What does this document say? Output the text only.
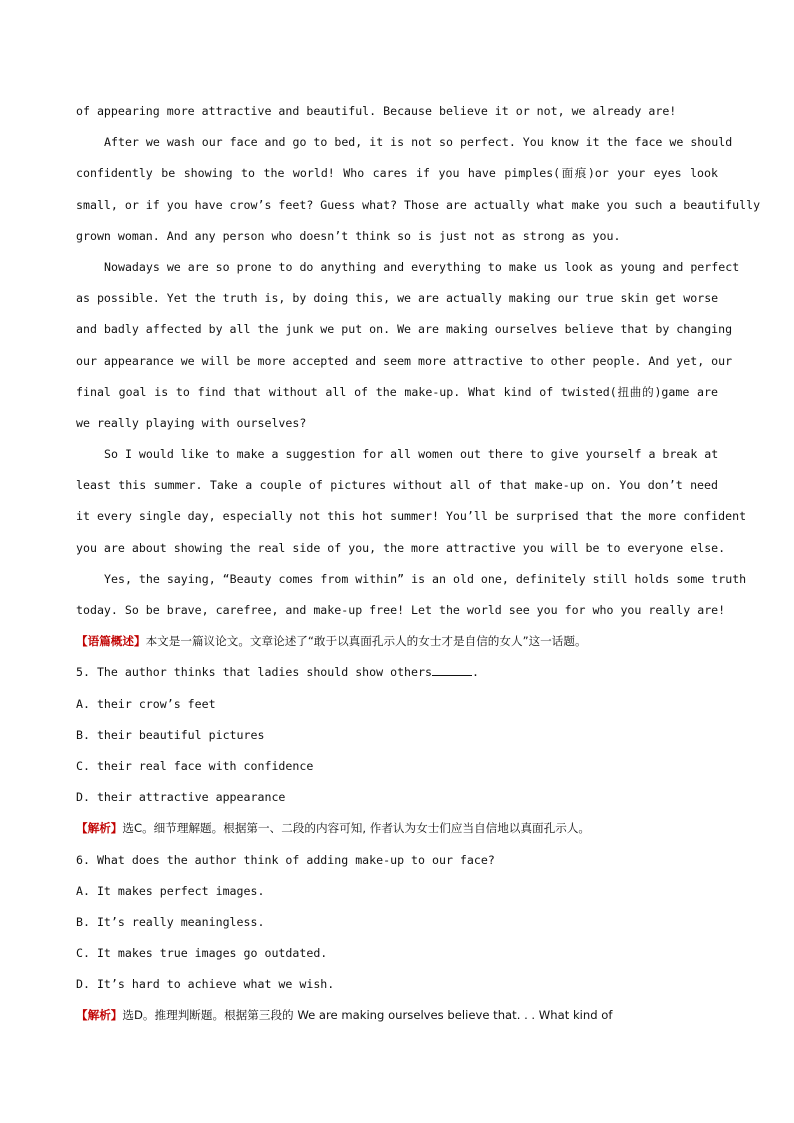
of appearing more attractive and beautiful. Because believe it or not, we already are!
After we wash our face and go to bed, it is not so perfect. You know it the face we should
confidently be showing to the world! Who cares if you have pimples(面痕)or your eyes look
small, or if you have crow’s feet? Guess what? Those are actually what make you such a beautifully
grown woman. And any person who doesn’t think so is just not as strong as you.
Nowadays we are so prone to do anything and everything to make us look as young and perfect
as possible. Yet the truth is, by doing this, we are actually making our true skin get worse
and badly affected by all the junk we put on. We are making ourselves believe that by changing
our appearance we will be more accepted and seem more attractive to other people. And yet, our
final goal is to find that without all of the make-up. What kind of twisted(扭曲的)game are
we really playing with ourselves?
So I would like to make a suggestion for all women out there to give yourself a break at
least this summer. Take a couple of pictures without all of that make-up on. You don’t need
it every single day, especially not this hot summer! You’ll be surprised that the more confident
you are about showing the real side of you, the more attractive you will be to everyone else.
Yes, the saying, “Beauty comes from within” is an old one, definitely still holds some truth
today. So be brave, carefree, and make-up free! Let the world see you for who you really are!
【语篇概述】本文是一篇议论文。文章论述了“敢于以真面孔示人的女士才是自信的女人”这一话题。
5. The author thinks that ladies should show others	.
A. their crow’s feet
B. their beautiful pictures
C. their real face with confidence
D. their attractive appearance
【解析】选C。细节理解题。根据第一、二段的内容可知, 作者认为女士们应当自信地以真面孔示人。
6. What does the author think of adding make-up to our face?
A. It makes perfect images.
B. It’s really meaningless.
C. It makes true images go outdated.
D. It’s hard to achieve what we wish.
【解析】选D。推理判断题。根据第三段的 We are making ourselves believe that. . . What kind of
